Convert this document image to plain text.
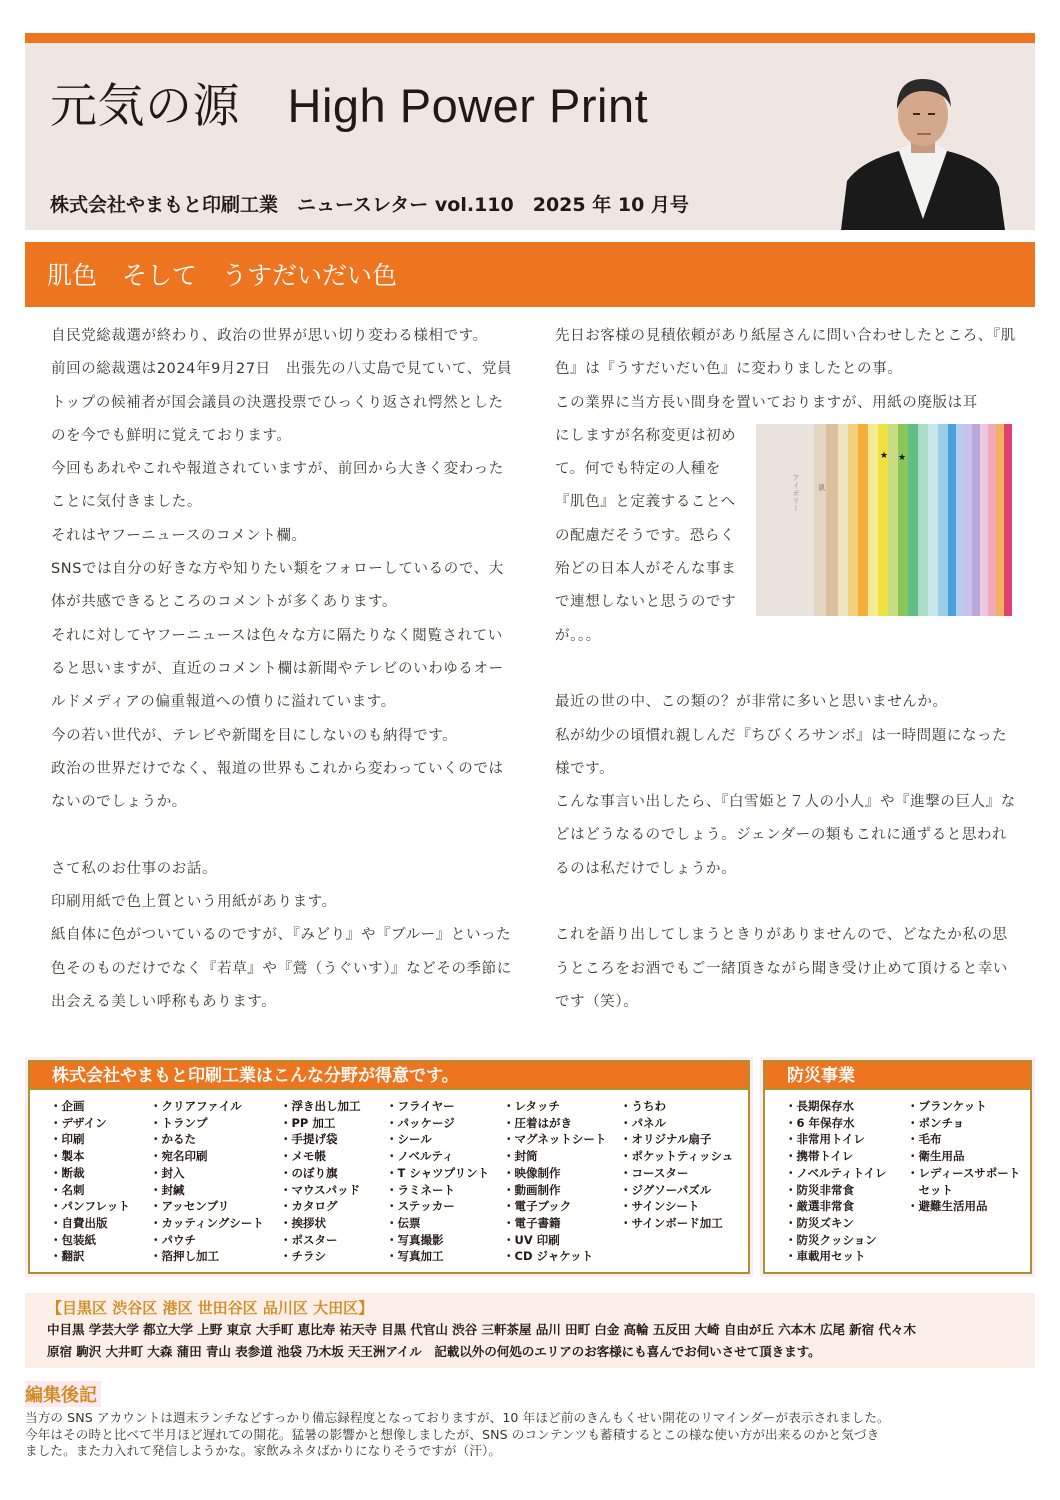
元気の源　High Power Print
株式会社やまもと印刷工業　ニュースレター vol.110　2025 年 10 月号
肌色　そして　うすだいだい色

自民党総裁選が終わり、政治の世界が思い切り変わる様相です。

前回の総裁選は2024年9月27日　出張先の八丈島で見ていて、党員トップの候補者が国会議員の決選投票でひっくり返され愕然としたのを今でも鮮明に覚えております。

今回もあれやこれや報道されていますが、前回から大きく変わったことに気付きました。

それはヤフーニュースのコメント欄。

SNSでは自分の好きな方や知りたい類をフォローしているので、大体が共感できるところのコメントが多くあります。

それに対してヤフーニュースは色々な方に隔たりなく閲覧されていると思いますが、直近のコメント欄は新聞やテレビのいわゆるオールドメディアの偏重報道への憤りに溢れています。

今の若い世代が、テレビや新聞を目にしないのも納得です。

政治の世界だけでなく、報道の世界もこれから変わっていくのではないのでしょうか。

さて私のお仕事のお話。

印刷用紙で色上質という用紙があります。

紙自体に色がついているのですが、『みどり』や『ブルー』といった色そのものだけでなく『若草』や『鶯（うぐいす）』などその季節に出会える美しい呼称もあります。

先日お客様の見積依頼があり紙屋さんに問い合わせしたところ、『肌色』は『うすだいだい色』に変わりましたとの事。

この業界に当方長い間身を置いておりますが、用紙の廃版は耳

★ ★
アイボリー	肌
にしますが名称変更は初めて。何でも特定の人種を『肌色』と定義することへの配慮だそうです。恐らく殆どの日本人がそんな事まで連想しないと思うのですが。。。

最近の世の中、この類の？が非常に多いと思いませんか。

私が幼少の頃慣れ親しんだ『ちびくろサンボ』は一時問題になった様です。

こんな事言い出したら、『白雪姫と７人の小人』や『進撃の巨人』などはどうなるのでしょう。ジェンダーの類もこれに通ずると思われるのは私だけでしょうか。

これを語り出してしまうときりがありませんので、どなたか私の思うところをお酒でもご一緒頂きながら聞き受け止めて頂けると幸いです（笑）。

株式会社やまもと印刷工業はこんな分野が得意です。
・企画
・デザイン
・印刷
・製本
・断裁
・名刺
・パンフレット
・自費出版
・包装紙
・翻訳
・クリアファイル
・トランプ
・かるた
・宛名印刷
・封入
・封緘
・アッセンブリ
・カッティングシート
・パウチ
・箔押し加工
・浮き出し加工
・PP 加工
・手提げ袋
・メモ帳
・のぼり旗
・マウスパッド
・カタログ
・挨拶状
・ポスター
・チラシ
・フライヤー
・パッケージ
・シール
・ノベルティ
・T シャツプリント
・ラミネート
・ステッカー
・伝票
・写真撮影
・写真加工
・レタッチ
・圧着はがき
・マグネットシート
・封筒
・映像制作
・動画制作
・電子ブック
・電子書籍
・UV 印刷
・CD ジャケット
・うちわ
・パネル
・オリジナル扇子
・ポケットティッシュ
・コースター
・ジグソーパズル
・サインシート
・サインボード加工
防災事業
・長期保存水
・6 年保存水
・非常用トイレ
・携帯トイレ
・ノベルティトイレ
・防災非常食
・厳選非常食
・防災ズキン
・防災クッション
・車載用セット
・ブランケット
・ポンチョ
・毛布
・衛生用品
・レディースサポート
　セット
・避難生活用品
【目黒区 渋谷区 港区 世田谷区 品川区 大田区】
中目黒 学芸大学 都立大学 上野 東京 大手町 恵比寿 祐天寺 目黒 代官山 渋谷 三軒茶屋 品川 田町 白金 高輪 五反田 大崎 自由が丘 六本木 広尾 新宿 代々木
原宿 駒沢 大井町 大森 蒲田 青山 表参道 池袋 乃木坂 天王洲アイル　記載以外の何処のエリアのお客様にも喜んでお伺いさせて頂きます。
編集後記
当方の SNS アカウントは週末ランチなどすっかり備忘録程度となっておりますが、10 年ほど前のきんもくせい開花のリマインダーが表示されました。
今年はその時と比べて半月ほど遅れての開花。猛暑の影響かと想像しましたが、SNS のコンテンツも蓄積するとこの様な使い方が出来るのかと気づき
ました。また力入れて発信しようかな。家飲みネタばかりになりそうですが（汗）。
